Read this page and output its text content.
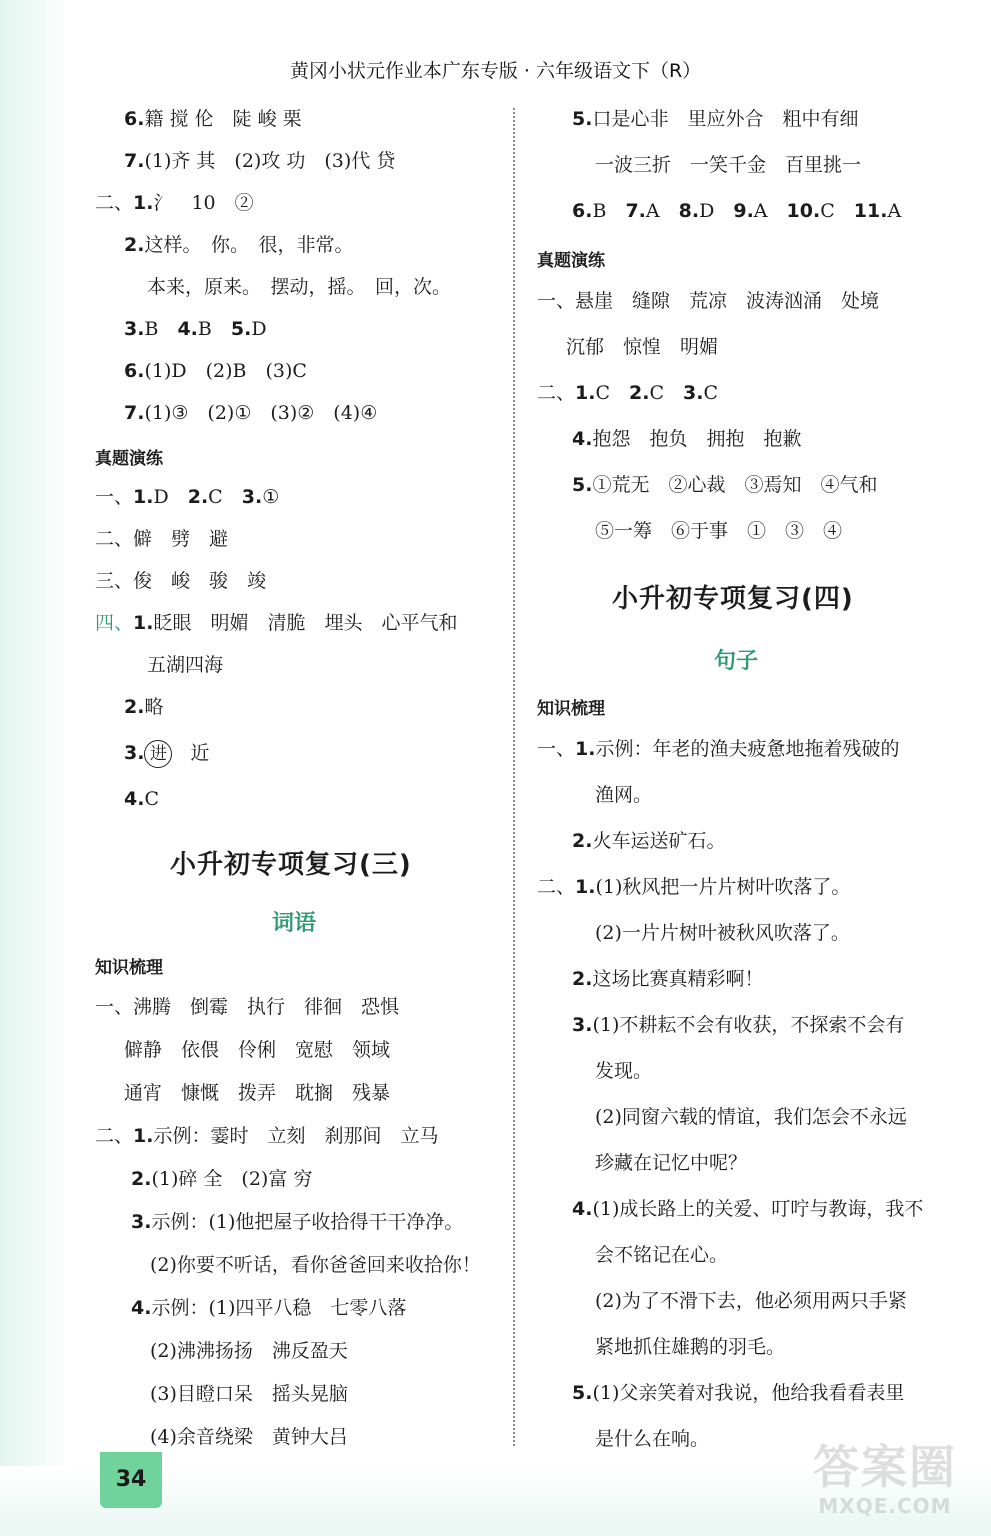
黄冈小状元作业本广东专版 · 六年级语文下（R）
6.籍 搅 伦　陡 峻 栗
7.(1)齐 其　(2)攻 功　(3)代 贷
二、1.氵　10　②
2.这样。　你。　很，非常。
本来，原来。　摆动，摇。　回，次。
3.B　 4.B　 5.D
6.(1)D　(2)B　(3)C
7.(1)③　(2)①　(3)②　(4)④
真题演练
一、1.D　 2.C　 3.①
二、僻　劈　避
三、俊　峻　骏　竣
四、1.眨眼　明媚　清脆　埋头　心平气和
五湖四海
2.略
3. 进 近
4.C
小升初专项复习(三)
词语
知识梳理
一、沸腾　倒霉　执行　徘徊　恐惧
僻静　依偎　伶俐　宽慰　领域
通宵　慷慨　拨弄　耽搁　残暴
二、1.示例：霎时　立刻　刹那间　立马
2.(1)碎 全　(2)富 穷
3.示例：(1)他把屋子收拾得干干净净。
(2)你要不听话，看你爸爸回来收拾你！
4.示例：(1)四平八稳　七零八落
(2)沸沸扬扬　沸反盈天
(3)目瞪口呆　摇头晃脑
(4)余音绕梁　黄钟大吕
5.口是心非　里应外合　粗中有细
一波三折　一笑千金　百里挑一
6.B　 7.A　 8.D　 9.A　 10.C　 11.A
真题演练
一、悬崖　缝隙　荒凉　波涛汹涌　处境
沉郁　惊惶　明媚
二、1.C　 2.C　 3.C
4.抱怨　抱负　拥抱　抱歉
5.①荒无　②心裁　③焉知　④气和
⑤一筹　⑥于事　①　③　④
小升初专项复习(四)
句子
知识梳理
一、1.示例：年老的渔夫疲惫地拖着残破的
渔网。
2.火车运送矿石。
二、1.(1)秋风把一片片树叶吹落了。
(2)一片片树叶被秋风吹落了。
2.这场比赛真精彩啊！
3.(1)不耕耘不会有收获，不探索不会有
发现。
(2)同窗六载的情谊，我们怎会不永远
珍藏在记忆中呢？
4.(1)成长路上的关爱、叮咛与教诲，我不
会不铭记在心。
(2)为了不滑下去，他必须用两只手紧
紧地抓住雄鹅的羽毛。
5.(1)父亲笑着对我说，他给我看看表里
是什么在响。
34	答案圈
MXQE.COM
